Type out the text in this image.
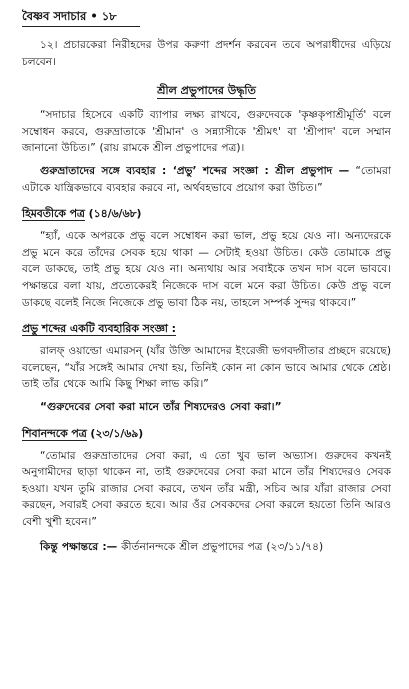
বৈষ্ণব সদাচার • ১৮

১২। প্রচারকেরা নিরীহদের উপর করুণা প্রদর্শন করবেন তবে অপরাধীদের এড়িয়ে চলবেন।

শ্রীল প্রভুপাদের উদ্ধৃতি

“সদাচার হিসেবে একটি ব্যাপার লক্ষ্য রাখবে, গুরুদেবকে 'কৃষ্ণকৃপাশ্রীমূর্তি' বলে সম্বোধন করবে, গুরুভ্রাতাকে 'শ্রীমান' ও সন্ন্যাসীকে 'শ্রীমৎ' বা 'শ্রীপাদ' বলে সম্মান জানানো উচিত।” (রায় রামকে শ্রীল প্রভুপাদের পত্র)।

গুরুভ্রাতাদের সঙ্গে ব্যবহার : ‘প্রভু’ শব্দের সংজ্ঞা : শ্রীল প্রভুপাদ — “তোমরা এটাকে যান্ত্রিকভাবে ব্যবহার করবে না, অর্থবহভাবে প্রয়োগ করা উচিত।”

হিমবতীকে পত্র (১৪/৬/৬৮)

“হ্যাঁ, একে অপরকে প্রভু বলে সম্বোধন করা ভাল, প্রভু হয়ে যেও না। অন্যদেরকে প্রভু মনে করে তাঁদের সেবক হয়ে থাকা — সেটাই হওয়া উচিত। কেউ তোমাকে প্রভু বলে ডাকছে, তাই প্রভু হয়ে যেও না। অন্যথায় আর সবাইকে তখন দাস বলে ভাববে। পক্ষান্তরে বলা যায়, প্রত্যেকেরই নিজেকে দাস বলে মনে করা উচিত। কেউ প্রভু বলে ডাকছে বলেই নিজে নিজেকে প্রভু ভাবা ঠিক নয়, তাহলে সম্পর্ক সুন্দর থাকবে।”

প্রভু শব্দের একটি ব্যবহারিক সংজ্ঞা :

রালফ্ ওয়াল্ডো এমারসন্ (যাঁর উক্তি আমাদের ইংরেজী ভগবদ্গীতার প্রচ্ছদে রয়েছে) বলেছেন, “যাঁর সঙ্গেই আমার দেখা হয়, তিনিই কোন না কোন ভাবে আমার থেকে শ্রেষ্ঠ। তাই তাঁর থেকে আমি কিছু শিক্ষা লাভ করি।”

“গুরুদেবের সেবা করা মানে তাঁর শিষ্যদেরও সেবা করা।”

শিবানন্দকে পত্র (২৩/১/৬৯)

“তোমার গুরুভ্রাতাদের সেবা করা, এ তো খুব ভাল অভ্যাস। গুরুদেব কখনই অনুগামীদের ছাড়া থাকেন না, তাই গুরুদেবের সেবা করা মানে তাঁর শিষ্যদেরও সেবক হওয়া। যখন তুমি রাজার সেবা করবে, তখন তাঁর মন্ত্রী, সচিব আর যাঁরা রাজার সেবা করছেন, সবারই সেবা করতে হবে। আর ওঁর সেবকদের সেবা করলে হয়তো তিনি আরও বেশী খুশী হবেন।”

কিন্তু পক্ষান্তরে :— কীর্তনানন্দকে শ্রীল প্রভুপাদের পত্র (২৩/১১/৭৪)
